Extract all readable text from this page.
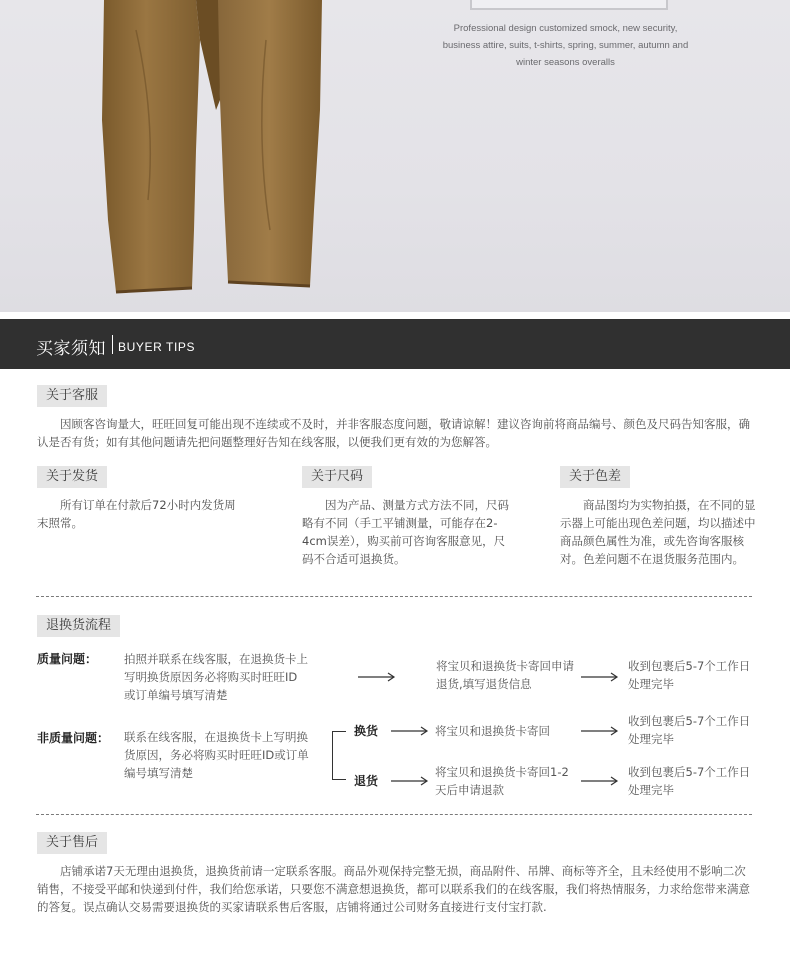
Professional design customized smock, new security,
business attire, suits, t-shirts, spring, summer, autumn and
winter seasons overalls
买家须知 BUYER TIPS
关于客服
因顾客咨询量大，旺旺回复可能出现不连续或不及时，并非客服态度问题，敬请谅解！建议咨询前将商品编号、颜色及尺码告知客服，确认是否有货；如有其他问题请先把问题整理好告知在线客服，以便我们更有效的为您解答。
关于发货
所有订单在付款后72小时内发货周末照常。
关于尺码
因为产品、测量方式方法不同，尺码略有不同（手工平铺测量，可能存在2-4cm误差），购买前可咨询客服意见，尺码不合适可退换货。
关于色差
商品图均为实物拍摄，在不同的显示器上可能出现色差问题，均以描述中商品颜色属性为准，或先咨询客服核对。色差问题不在退货服务范围内。
退换货流程
质量问题： 拍照并联系在线客服，在退换货卡上写明换货原因务必将购买时旺旺ID或订单编号填写清楚
将宝贝和退换货卡寄回申请退货,填写退货信息
收到包裹后5-7个工作日处理完毕
非质量问题： 联系在线客服，在退换货卡上写明换货原因，务必将购买时旺旺ID或订单编号填写清楚
换货	将宝贝和退换货卡寄回
收到包裹后5-7个工作日处理完毕
退货
将宝贝和退换货卡寄回1-2天后申请退款
收到包裹后5-7个工作日处理完毕
关于售后
店铺承诺7天无理由退换货，退换货前请一定联系客服。商品外观保持完整无损，商品附件、吊牌、商标等齐全，且未经使用不影响二次销售，不接受平邮和快递到付件，我们给您承诺，只要您不满意想退换货，都可以联系我们的在线客服，我们将热情服务，力求给您带来满意的答复。误点确认交易需要退换货的买家请联系售后客服，店铺将通过公司财务直接进行支付宝打款.
